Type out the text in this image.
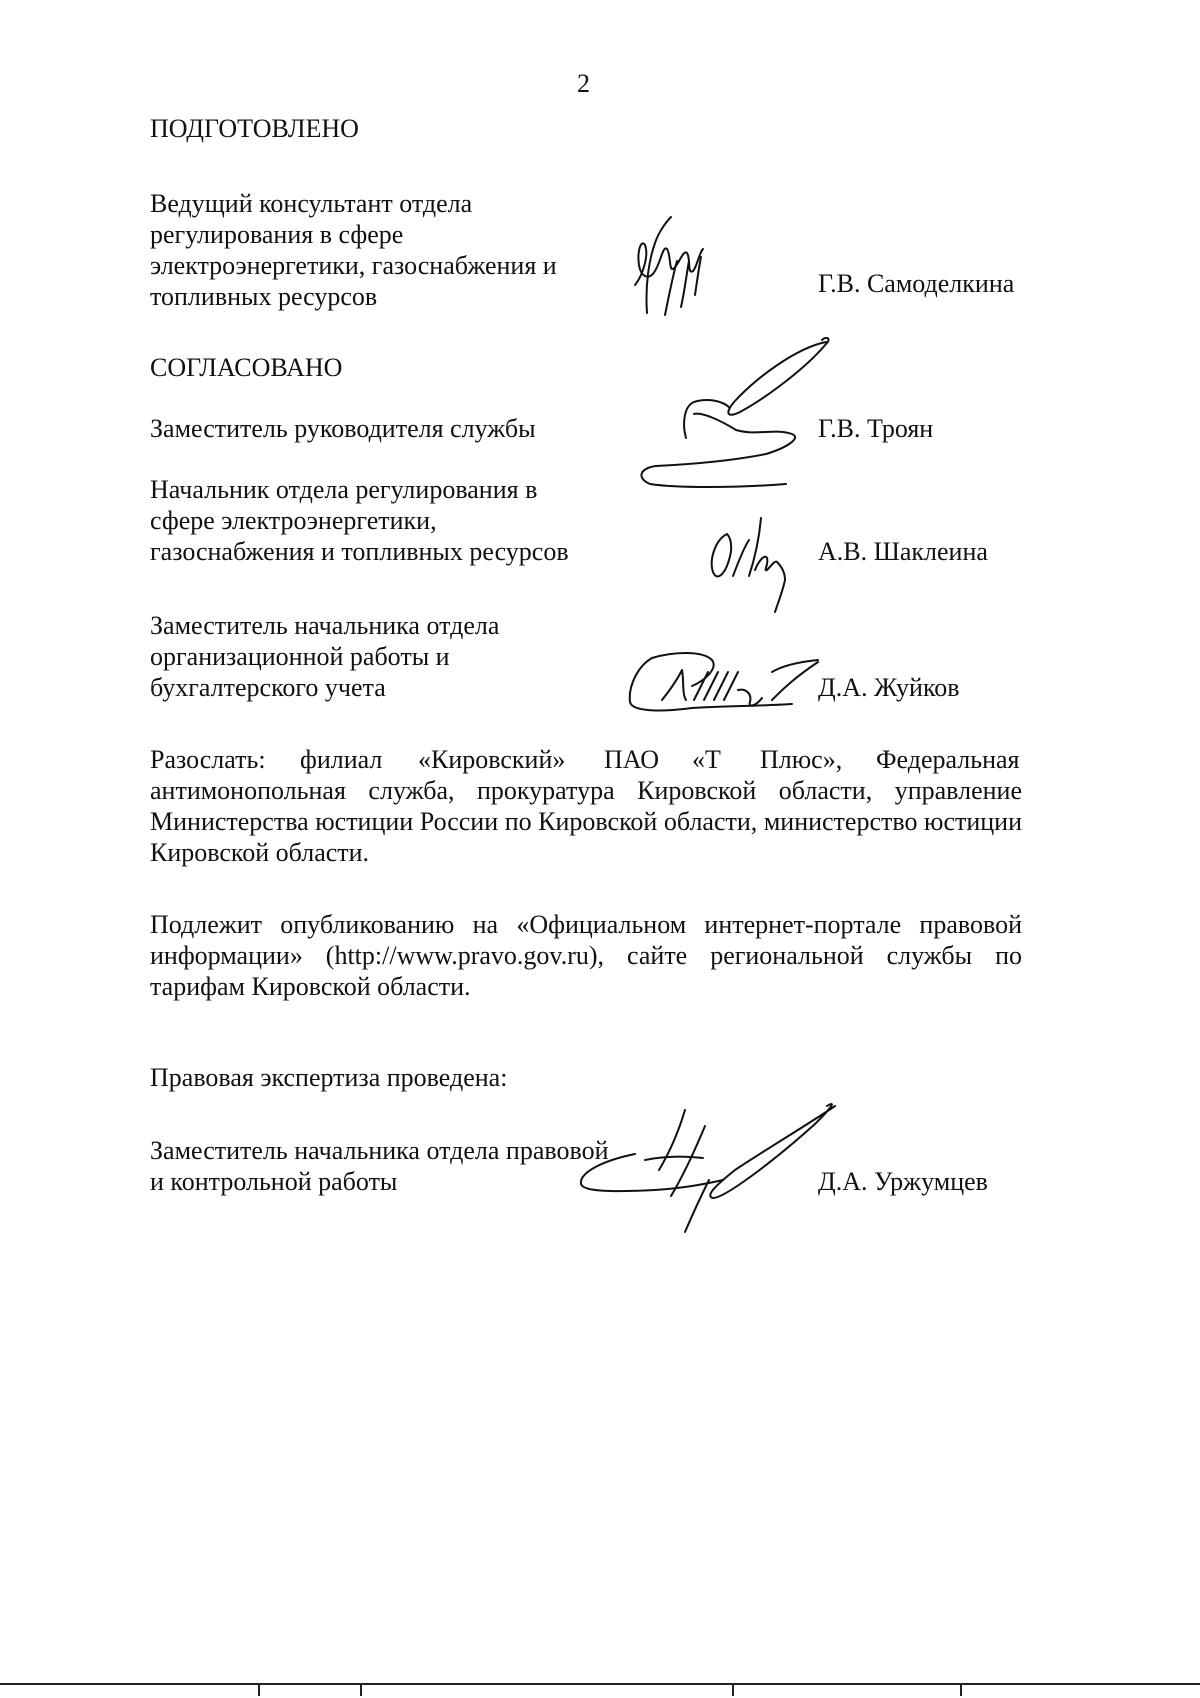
2
ПОДГОТОВЛЕНО
Ведущий консультант отдела
регулирования в сфере
электроэнергетики, газоснабжения и
топливных ресурсов	Г.В. Самоделкина
СОГЛАСОВАНО
Заместитель руководителя службы	Г.В. Троян
Начальник отдела регулирования в
сфере электроэнергетики,
газоснабжения и топливных ресурсов	А.В. Шаклеина
Заместитель начальника отдела
организационной работы и
бухгалтерского учета	Д.А. Жуйков
Разослать: филиал «Кировский» ПАО «Т Плюс», Федеральная
антимонопольная служба, прокуратура Кировской области, управление Министерства юстиции России по Кировской области, министерство юстиции Кировской области.
Подлежит опубликованию на «Официальном интернет-портале правовой информации» (http://www.pravo.gov.ru), сайте региональной службы по тарифам Кировской области.
Правовая экспертиза проведена:
Заместитель начальника отдела правовой
и контрольной работы	Д.А. Уржумцев
